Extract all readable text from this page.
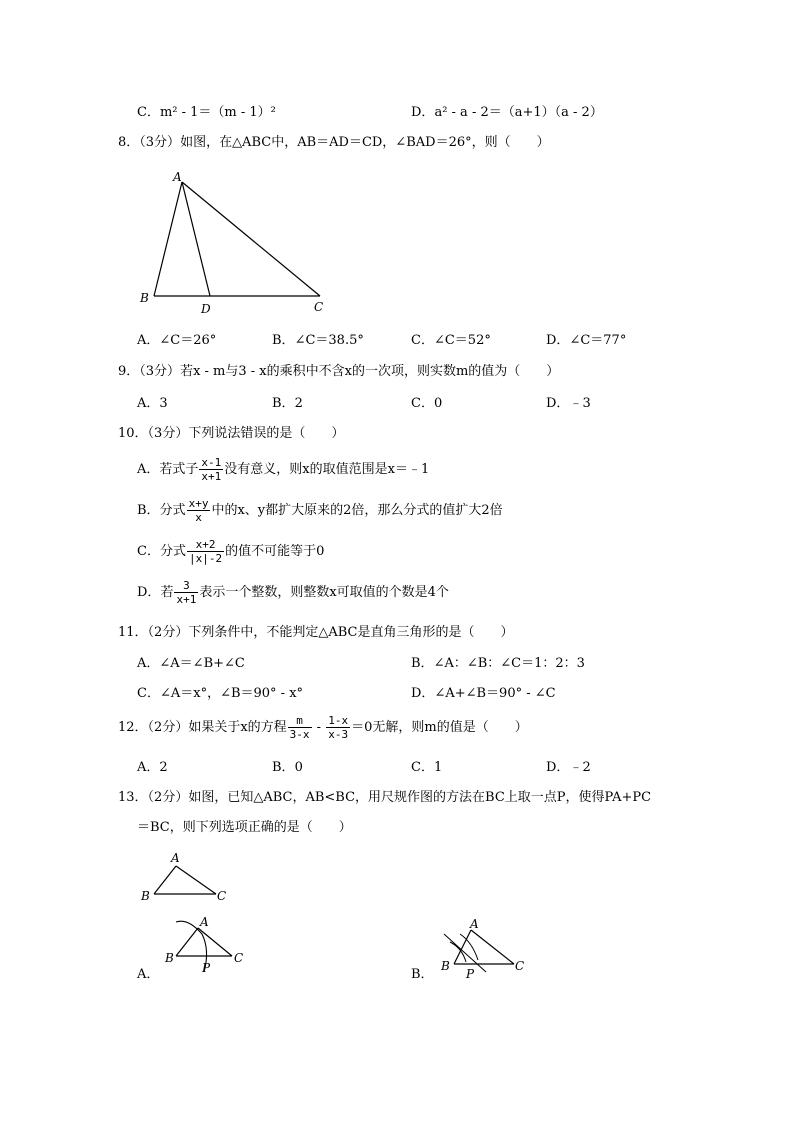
C．m² - 1＝（m - 1）²	D．a² - a - 2＝（a+1）（a - 2）
8．（3分）如图，在△ABC中，AB＝AD＝CD，∠BAD＝26°，则（　　）
A
B
D	C
A．∠C＝26°	B．∠C＝38.5°	C．∠C＝52°	D．∠C＝77°
9．（3分）若x - m与3 - x的乘积中不含x的一次项，则实数m的值为（　　）
A．3	B．2	C．0	D．﹣3
10．（3分）下列说法错误的是（　　）
A．若式子 $\frac{x-1}{x+1}$ 没有意义，则x的取值范围是x＝﹣1
B．分式 $\frac{x+y}{x}$ 中的x、y都扩大原来的2倍，那么分式的值扩大2倍
C．分式 $\frac{x+2}{|x|-2}$ 的值不可能等于0
D．若 $\frac{3}{x+1}$ 表示一个整数，则整数x可取值的个数是4个
11．（2分）下列条件中，不能判定△ABC是直角三角形的是（　　）
A．∠A＝∠B+∠C	B．∠A：∠B：∠C＝1：2：3
C．∠A＝x°，∠B＝90° - x°	D．∠A+∠B＝90° - ∠C
12．（2分）如果关于x的方程 $\frac{m}{3-x} - \frac{1-x}{x-3} =0$无解，则m的值是（　　）
A．2	B．0	C．1	D．﹣2
13．（2分）如图，已知△ABC，AB<BC，用尺规作图的方法在BC上取一点P，使得PA+PC
＝BC，则下列选项正确的是（　　）
A
B	C
A．
A
B	C
P	B．
A
B	C
P
